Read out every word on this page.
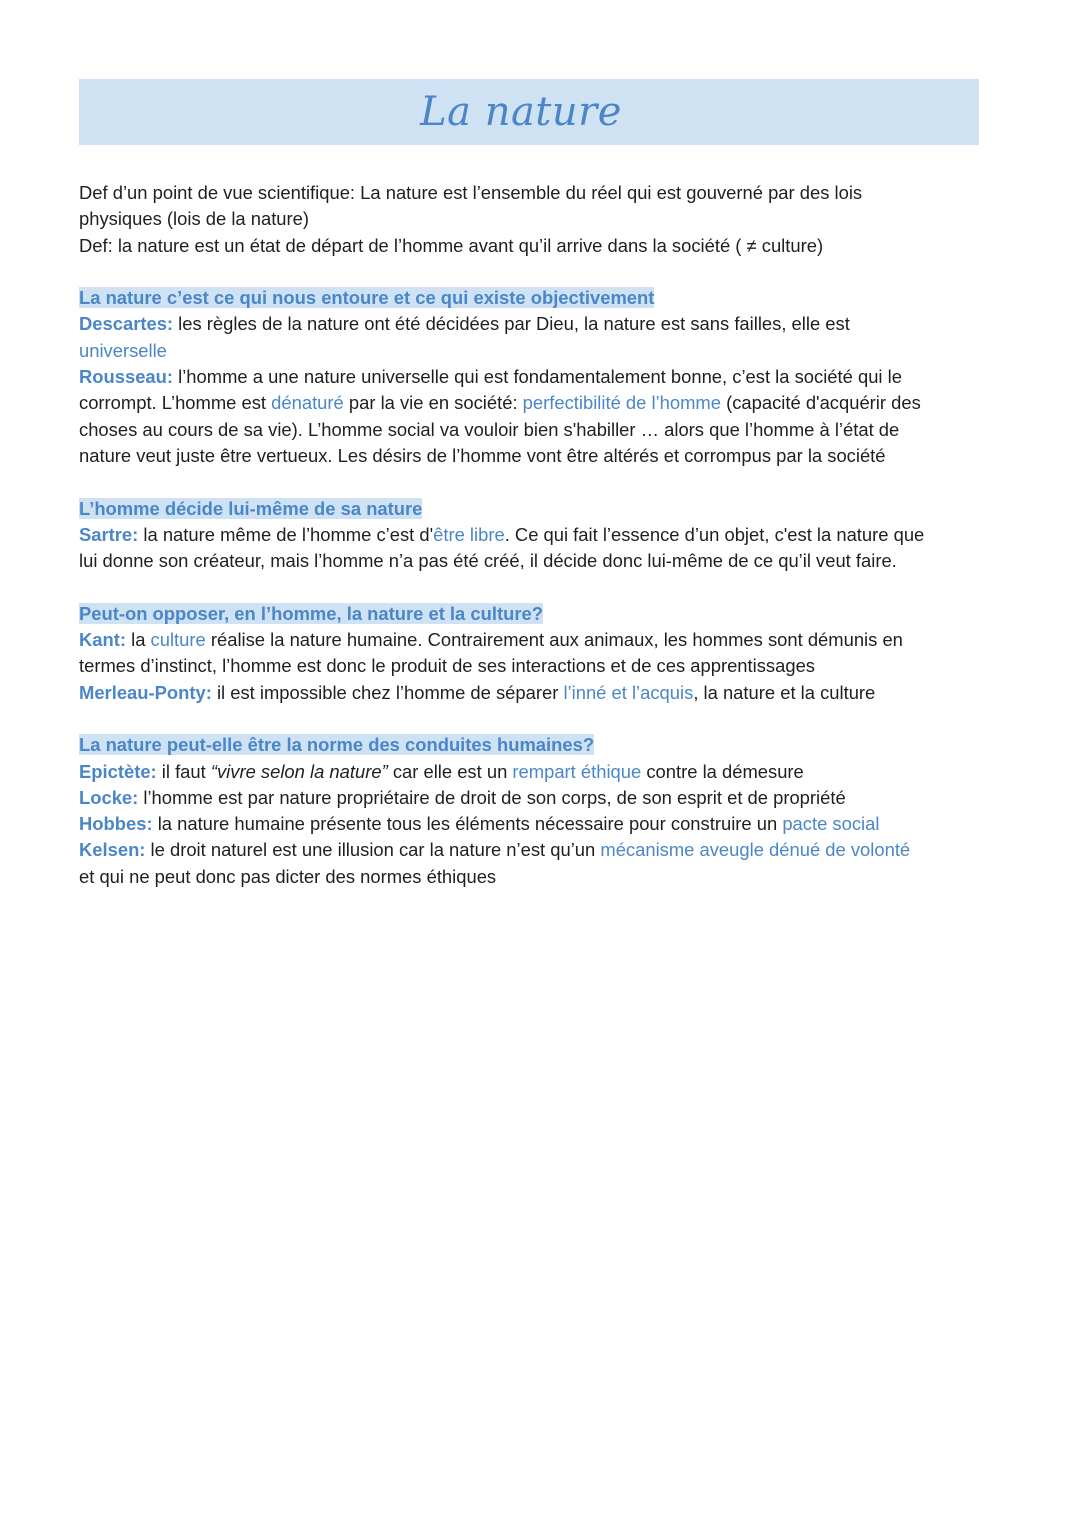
La nature

Def d’un point de vue scientifique: La nature est l’ensemble du réel qui est gouverné par des lois
physiques (lois de la nature)
Def: la nature est un état de départ de l’homme avant qu’il arrive dans la société ( ≠ culture)

La nature c’est ce qui nous entoure et ce qui existe objectivement
Descartes: les règles de la nature ont été décidées par Dieu, la nature est sans failles, elle est
universelle
Rousseau: l’homme a une nature universelle qui est fondamentalement bonne, c’est la société qui le
corrompt. L’homme est dénaturé par la vie en société: perfectibilité de l’homme (capacité d'acquérir des
choses au cours de sa vie). L’homme social va vouloir bien s'habiller … alors que l’homme à l’état de
nature veut juste être vertueux. Les désirs de l’homme vont être altérés et corrompus par la société

L’homme décide lui-même de sa nature
Sartre: la nature même de l’homme c’est d'être libre. Ce qui fait l’essence d’un objet, c'est la nature que
lui donne son créateur, mais l’homme n’a pas été créé, il décide donc lui-même de ce qu’il veut faire.

Peut-on opposer, en l’homme, la nature et la culture?
Kant: la culture réalise la nature humaine. Contrairement aux animaux, les hommes sont démunis en
termes d’instinct, l’homme est donc le produit de ses interactions et de ces apprentissages
Merleau-Ponty: il est impossible chez l’homme de séparer l’inné et l’acquis, la nature et la culture

La nature peut-elle être la norme des conduites humaines?
Epictète: il faut “vivre selon la nature” car elle est un rempart éthique contre la démesure
Locke: l’homme est par nature propriétaire de droit de son corps, de son esprit et de propriété
Hobbes: la nature humaine présente tous les éléments nécessaire pour construire un pacte social
Kelsen: le droit naturel est une illusion car la nature n’est qu’un mécanisme aveugle dénué de volonté
et qui ne peut donc pas dicter des normes éthiques
